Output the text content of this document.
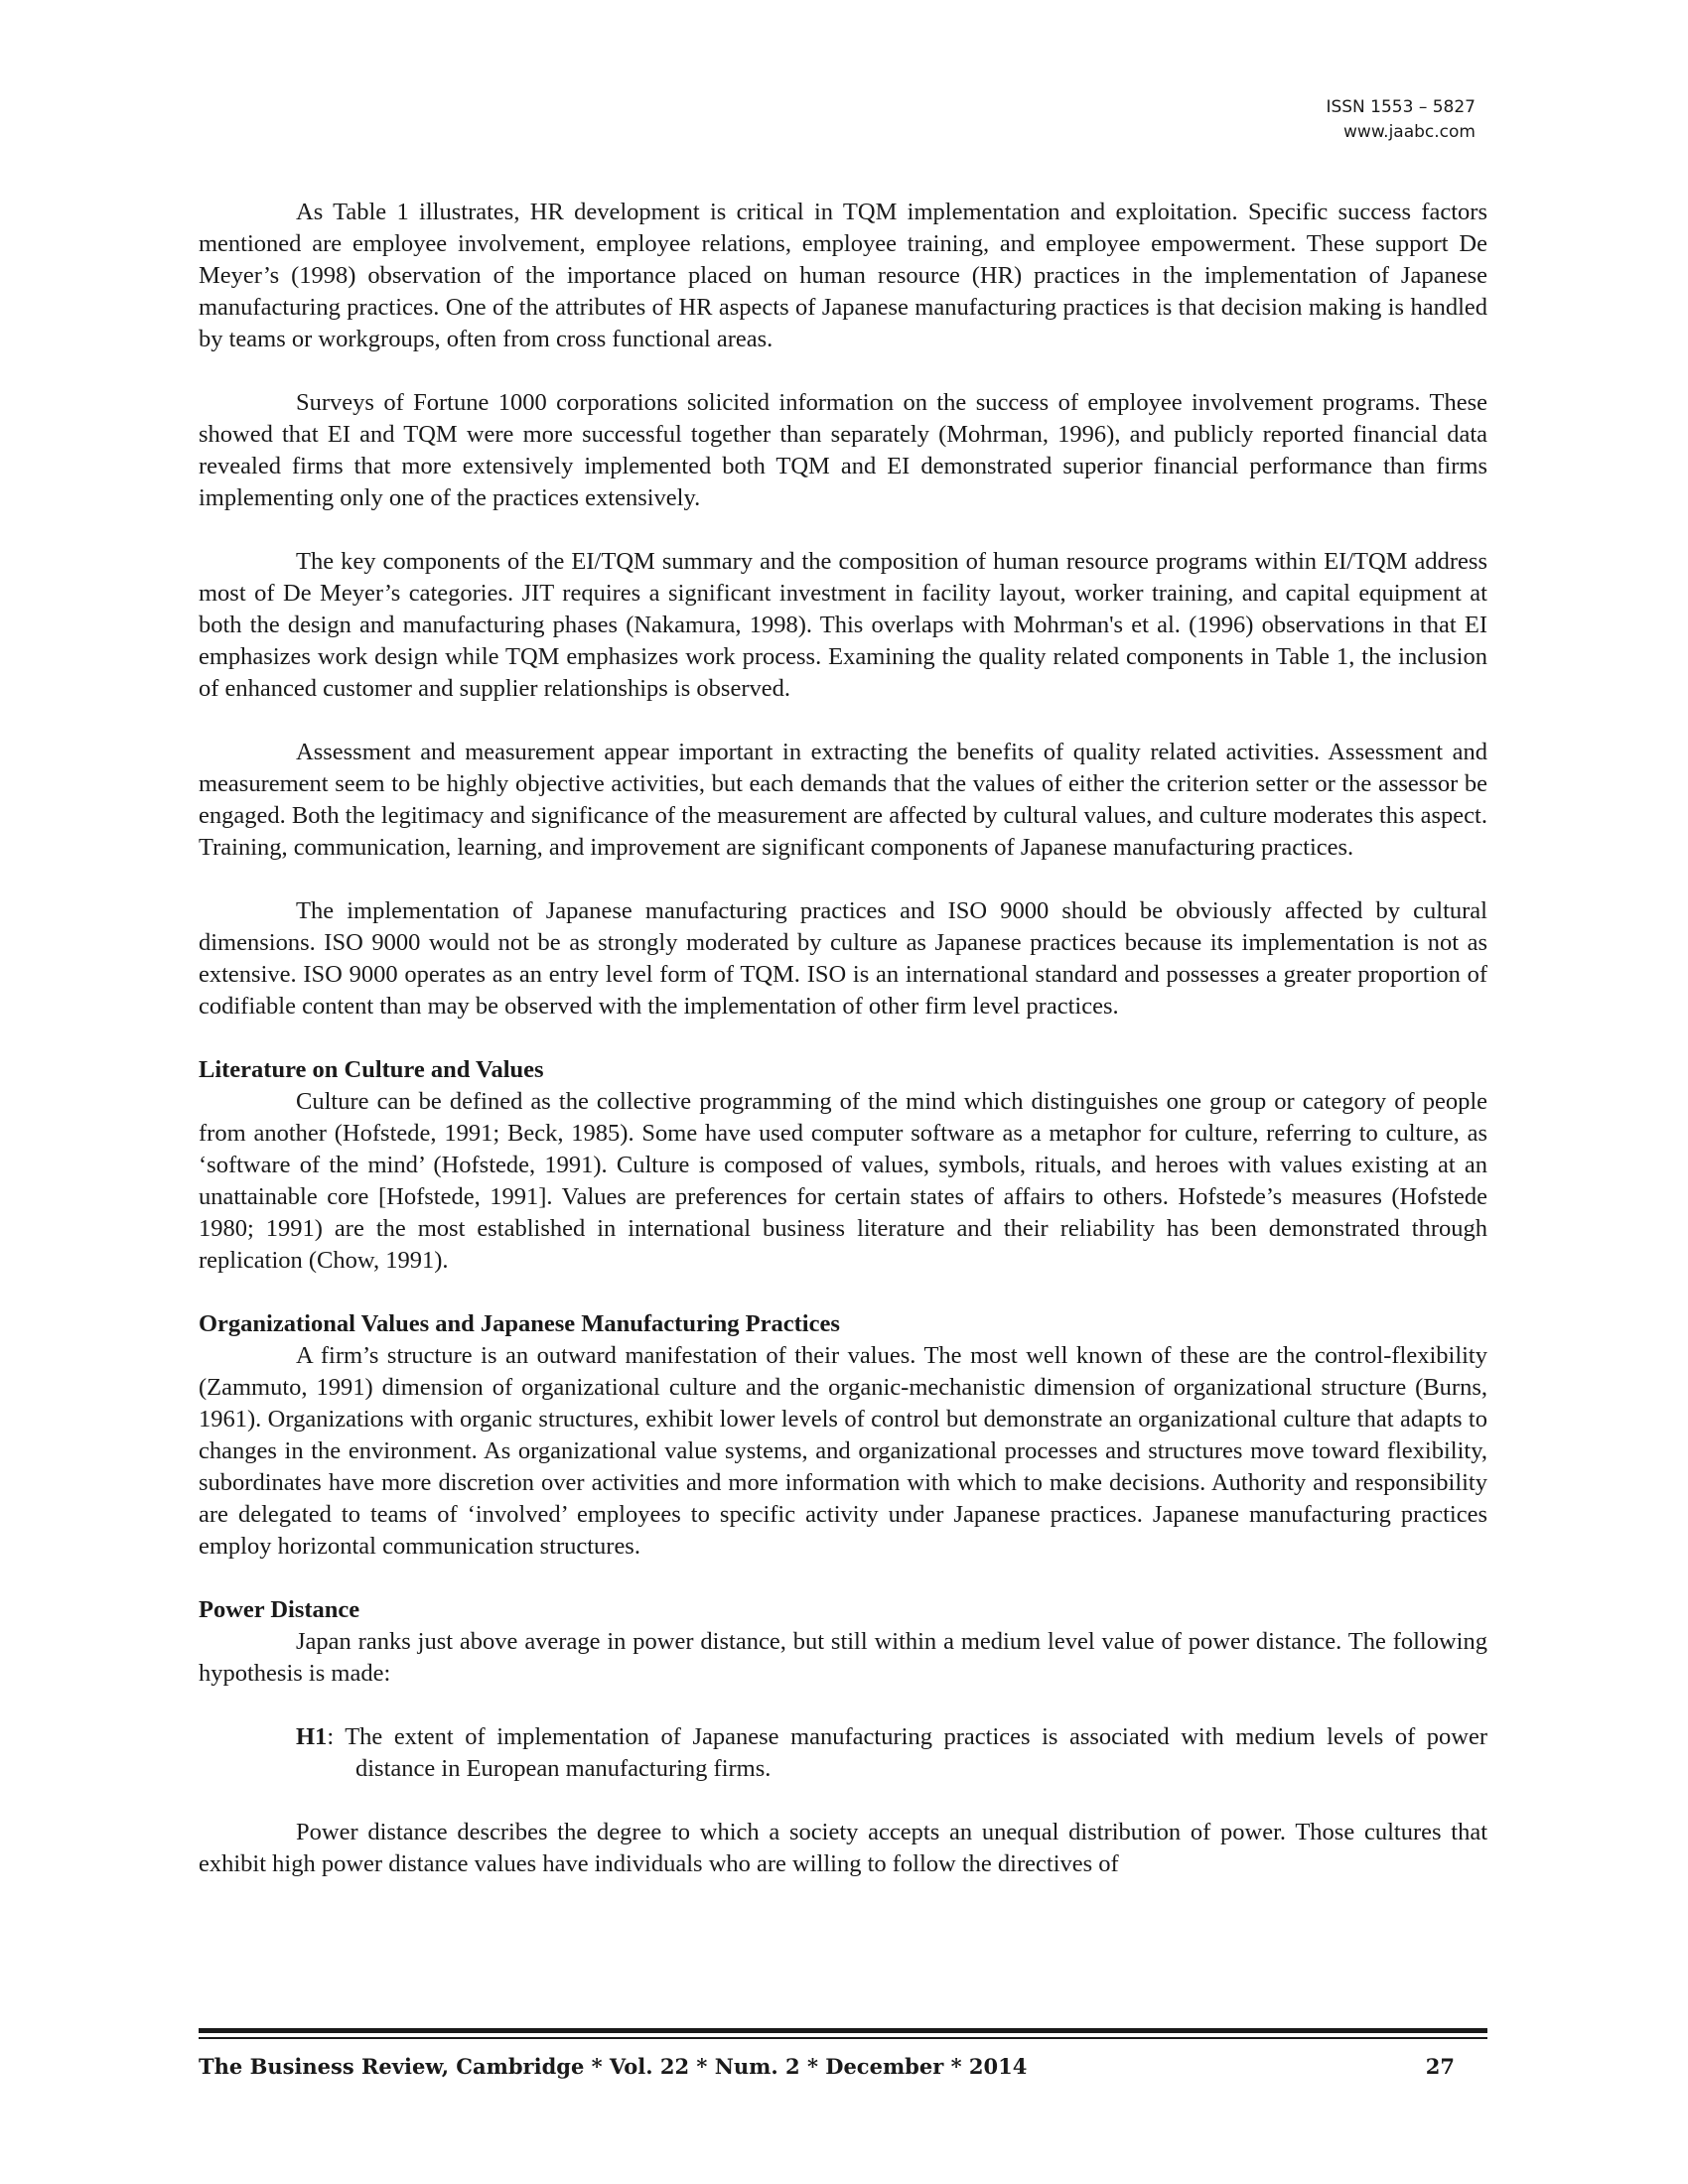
ISSN 1553 – 5827
www.jaabc.com

As Table 1 illustrates, HR development is critical in TQM implementation and exploitation. Specific success factors mentioned are employee involvement, employee relations, employee training, and employee empowerment. These support De Meyer’s (1998) observation of the importance placed on human resource (HR) practices in the implementation of Japanese manufacturing practices. One of the attributes of HR aspects of Japanese manufacturing practices is that decision making is handled by teams or workgroups, often from cross functional areas.

Surveys of Fortune 1000 corporations solicited information on the success of employee involvement programs. These showed that EI and TQM were more successful together than separately (Mohrman, 1996), and publicly reported financial data revealed firms that more extensively implemented both TQM and EI demonstrated superior financial performance than firms implementing only one of the practices extensively.

The key components of the EI/TQM summary and the composition of human resource programs within EI/TQM address most of De Meyer’s categories. JIT requires a significant investment in facility layout, worker training, and capital equipment at both the design and manufacturing phases (Nakamura, 1998). This overlaps with Mohrman's et al. (1996) observations in that EI emphasizes work design while TQM emphasizes work process. Examining the quality related components in Table 1, the inclusion of enhanced customer and supplier relationships is observed.

Assessment and measurement appear important in extracting the benefits of quality related activities. Assessment and measurement seem to be highly objective activities, but each demands that the values of either the criterion setter or the assessor be engaged. Both the legitimacy and significance of the measurement are affected by cultural values, and culture moderates this aspect. Training, communication, learning, and improvement are significant components of Japanese manufacturing practices.

The implementation of Japanese manufacturing practices and ISO 9000 should be obviously affected by cultural dimensions. ISO 9000 would not be as strongly moderated by culture as Japanese practices because its implementation is not as extensive. ISO 9000 operates as an entry level form of TQM. ISO is an international standard and possesses a greater proportion of codifiable content than may be observed with the implementation of other firm level practices.

Literature on Culture and Values

Culture can be defined as the collective programming of the mind which distinguishes one group or category of people from another (Hofstede, 1991; Beck, 1985). Some have used computer software as a metaphor for culture, referring to culture, as ‘software of the mind’ (Hofstede, 1991). Culture is composed of values, symbols, rituals, and heroes with values existing at an unattainable core [Hofstede, 1991]. Values are preferences for certain states of affairs to others. Hofstede’s measures (Hofstede 1980; 1991) are the most established in international business literature and their reliability has been demonstrated through replication (Chow, 1991).

Organizational Values and Japanese Manufacturing Practices

A firm’s structure is an outward manifestation of their values. The most well known of these are the control-flexibility (Zammuto, 1991) dimension of organizational culture and the organic-mechanistic dimension of organizational structure (Burns, 1961). Organizations with organic structures, exhibit lower levels of control but demonstrate an organizational culture that adapts to changes in the environment. As organizational value systems, and organizational processes and structures move toward flexibility, subordinates have more discretion over activities and more information with which to make decisions. Authority and responsibility are delegated to teams of ‘involved’ employees to specific activity under Japanese practices. Japanese manufacturing practices employ horizontal communication structures.

Power Distance

Japan ranks just above average in power distance, but still within a medium level value of power distance. The following hypothesis is made:

H1: The extent of implementation of Japanese manufacturing practices is associated with medium levels of power distance in European manufacturing firms.

Power distance describes the degree to which a society accepts an unequal distribution of power. Those cultures that exhibit high power distance values have individuals who are willing to follow the directives of

The Business Review, Cambridge * Vol. 22 * Num. 2 * December * 2014	27
